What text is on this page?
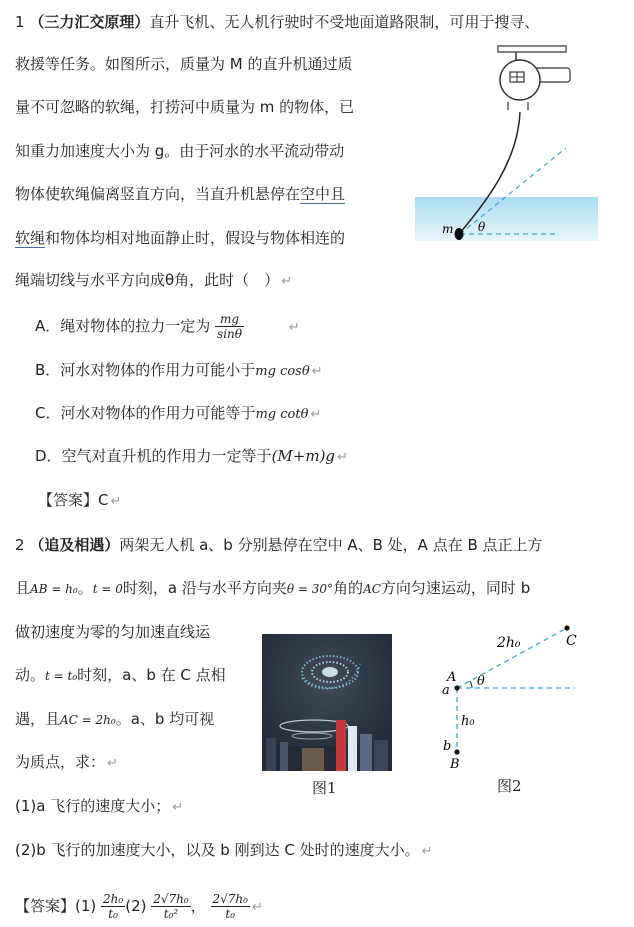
1 （三力汇交原理）直升飞机、无人机行驶时不受地面道路限制，可用于搜寻、
救援等任务。如图所示，质量为 M 的直升机通过质
量不可忽略的软绳，打捞河中质量为 m 的物体，已
知重力加速度大小为 g。由于河水的水平流动带动
物体使软绳偏离竖直方向，当直升机悬停在空中且
软绳和物体均相对地面静止时，假设与物体相连的
绳端切线与水平方向成θ角，此时（　） ↵
A．绳对物体的拉力一定为 $\frac{mg}{\sin\theta}$	↵
B．河水对物体的作用力可能小于mg cosθ ↵
C．河水对物体的作用力可能等于mg cotθ ↵
D．空气对直升机的作用力一定等于(M+m)g ↵
【答案】C ↵
m θ
2 （追及相遇）两架无人机 a、b 分别悬停在空中 A、B 处，A 点在 B 点正上方
且AB = h₀。t = 0时刻，a 沿与水平方向夹θ = 30°角的AC方向匀速运动，同时 b
做初速度为零的匀加速直线运
动。t = t₀时刻，a、b 在 C 点相
遇，且AC = 2h₀。a、b 均可视
为质点，求： ↵
(1)a 飞行的速度大小； ↵
(2)b 飞行的加速度大小，以及 b 刚到达 C 处时的速度大小。 ↵
【答案】$(1) \frac{\text{2h₀}}{\text{t₀}} (2) \frac{\text{2√7h₀}}{\text{t₀²}}$ ， $\frac{\text{2√7h₀}}{\text{t₀}}$ ↵
图1
C
2h₀
A
a
θ
h₀
b
B
图2
